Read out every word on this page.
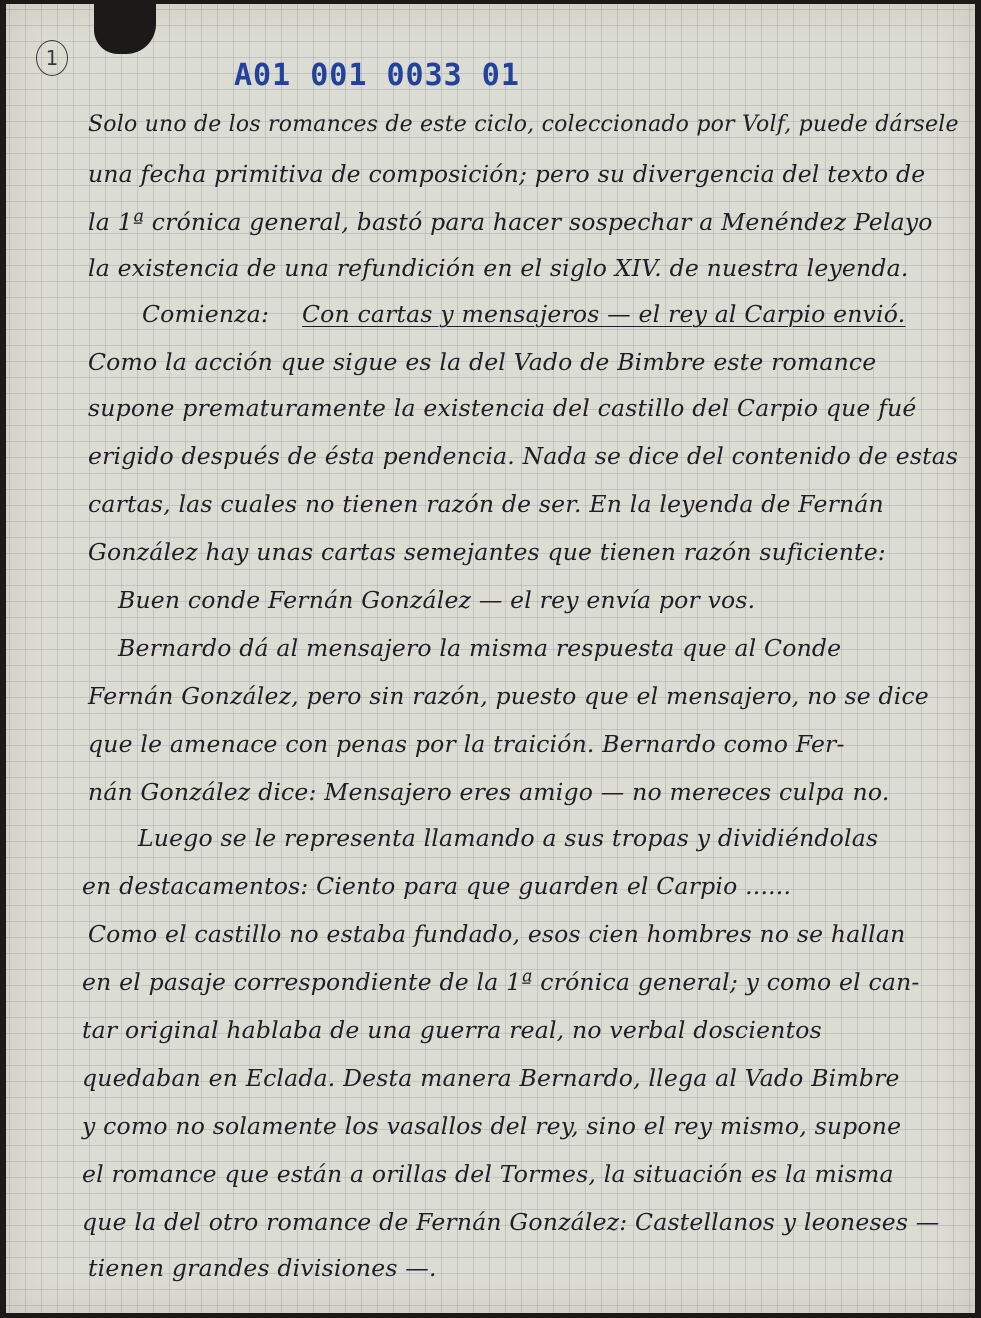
1	A01 001 0033 01
Solo uno de los romances de este ciclo, coleccionado por Volf, puede dársele
una fecha primitiva de composición; pero su divergencia del texto de
la 1ª crónica general, bastó para hacer sospechar a Menéndez Pelayo
la existencia de una refundición en el siglo XIV. de nuestra leyenda.
Comienza: Con cartas y mensajeros — el rey al Carpio envió.
Como la acción que sigue es la del Vado de Bimbre este romance
supone prematuramente la existencia del castillo del Carpio que fué
erigido después de ésta pendencia. Nada se dice del contenido de estas
cartas, las cuales no tienen razón de ser. En la leyenda de Fernán
González hay unas cartas semejantes que tienen razón suficiente:
Buen conde Fernán González — el rey envía por vos.
Bernardo dá al mensajero la misma respuesta que al Conde
Fernán González, pero sin razón, puesto que el mensajero, no se dice
que le amenace con penas por la traición. Bernardo como Fer-
nán González dice: Mensajero eres amigo — no mereces culpa no.
Luego se le representa llamando a sus tropas y dividiéndolas
en destacamentos: Ciento para que guarden el Carpio ......
Como el castillo no estaba fundado, esos cien hombres no se hallan
en el pasaje correspondiente de la 1ª crónica general; y como el can-
tar original hablaba de una guerra real, no verbal doscientos
quedaban en Eclada. Desta manera Bernardo, llega al Vado Bimbre
y como no solamente los vasallos del rey, sino el rey mismo, supone
el romance que están a orillas del Tormes, la situación es la misma
que la del otro romance de Fernán González: Castellanos y leoneses —
tienen grandes divisiones —.
